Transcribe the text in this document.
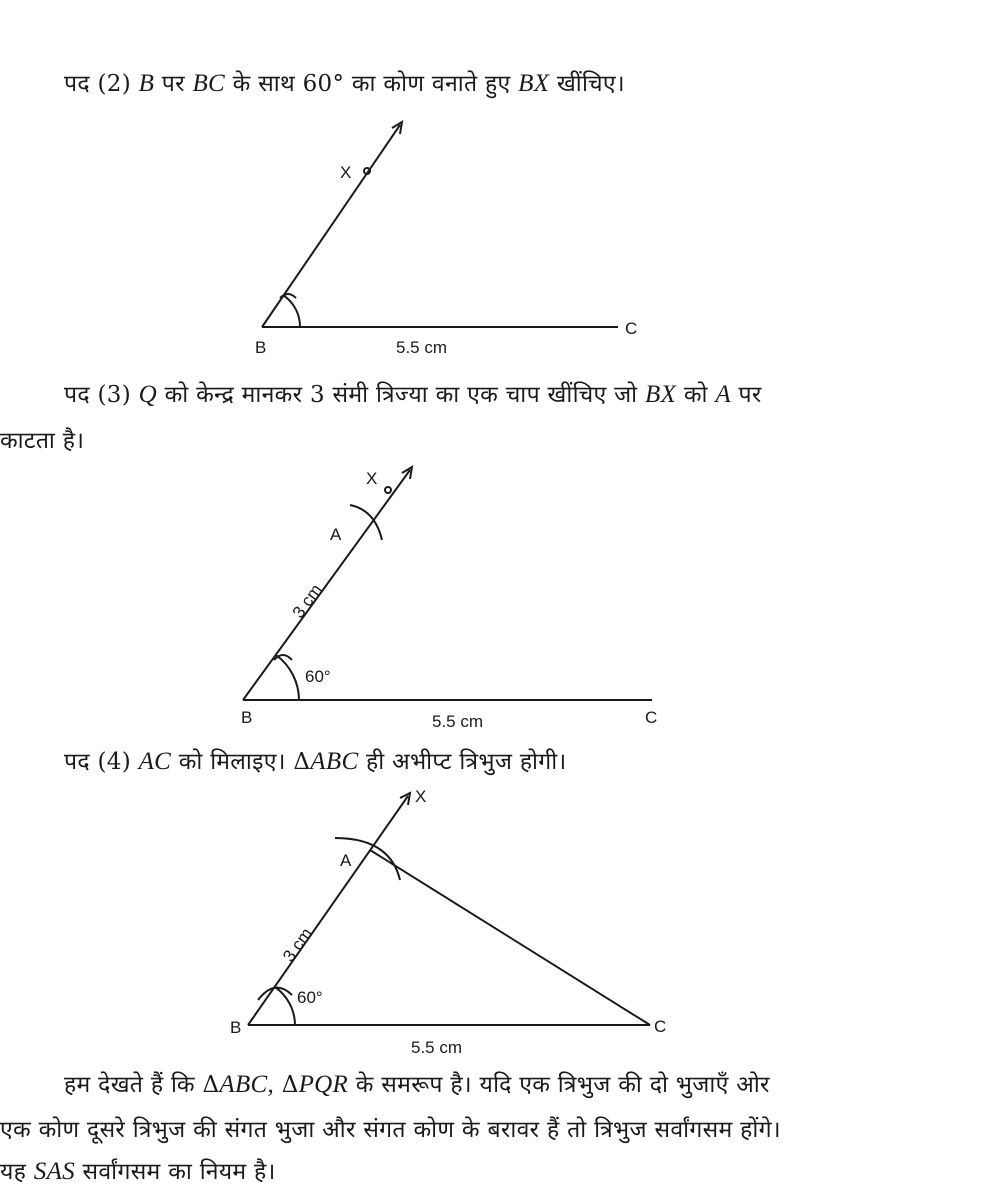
पद (2) B पर BC के साथ 60° का कोण वनाते हुए BX खींचिए।
B
C
X
5.5 cm
B	C
X
A
5.5 cm
3 cm
60°
B	C
X
A
5.5 cm
3 cm
60°
पद (3) Q को केन्द्र मानकर 3 संमी त्रिज्या का एक चाप खींचिए जो BX को A पर
काटता है।
पद (4) AC को मिलाइए। ΔABC ही अभीप्ट त्रिभुज होगी।
हम देखते हैं कि ΔABC, ΔPQR के समरूप है। यदि एक त्रिभुज की दो भुजाएँ ओर
एक कोण दूसरे त्रिभुज की संगत भुजा और संगत कोण के बरावर हैं तो त्रिभुज सर्वांगसम होंगे।
यह SAS सर्वांगसम का नियम है।
